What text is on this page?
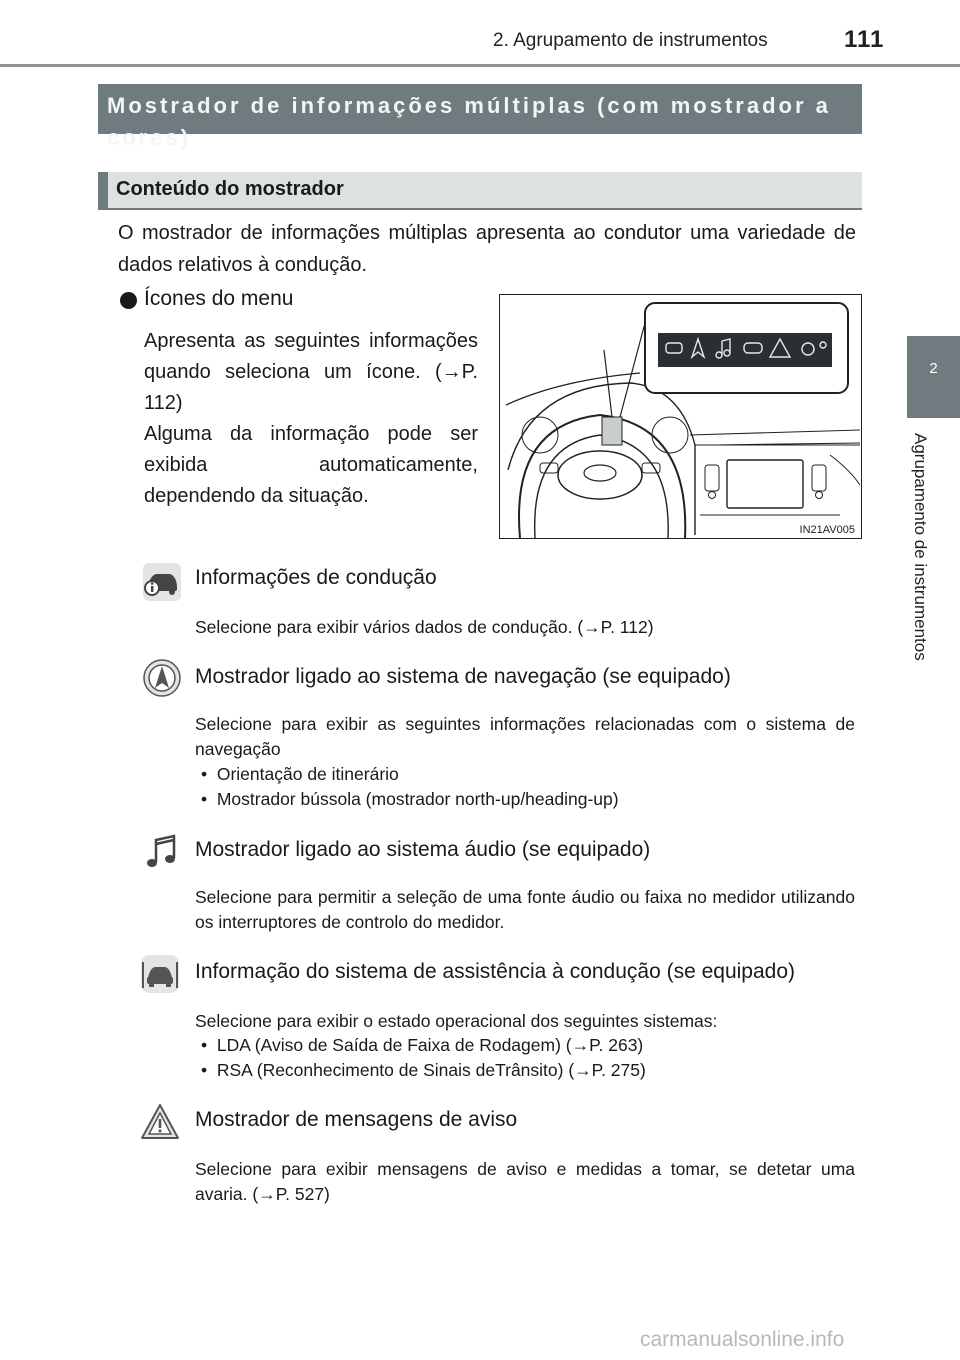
2. Agrupamento de instrumentos	111
2
Agrupamento de instrumentos
Mostrador de informações múltiplas (com mostrador a cores)
Conteúdo do mostrador
O mostrador de informações múltiplas apresenta ao condutor uma variedade de dados relativos à condução.
Ícones do menu
Apresenta as seguintes informações quando seleciona um ícone. (→P. 112)
Alguma da informação pode ser exibida automaticamente, dependendo da situação.
IN21AV005
Informações de condução
Selecione para exibir vários dados de condução. (→P. 112)
Mostrador ligado ao sistema de navegação (se equipado)
Selecione para exibir as seguintes informações relacionadas com o sistema de navegação
•  Orientação de itinerário
•  Mostrador bússola (mostrador north-up/heading-up)
Mostrador ligado ao sistema áudio (se equipado)
Selecione para permitir a seleção de uma fonte áudio ou faixa no medidor utilizando os interruptores de controlo do medidor.
Informação do sistema de assistência à condução (se equipado)
Selecione para exibir o estado operacional dos seguintes sistemas:
•  LDA (Aviso de Saída de Faixa de Rodagem) (→P. 263)
•  RSA (Reconhecimento de Sinais deTrânsito) (→P. 275)
Mostrador de mensagens de aviso
Selecione para exibir mensagens de aviso e medidas a tomar, se detetar uma avaria. (→P. 527)
carmanualsonline.info
